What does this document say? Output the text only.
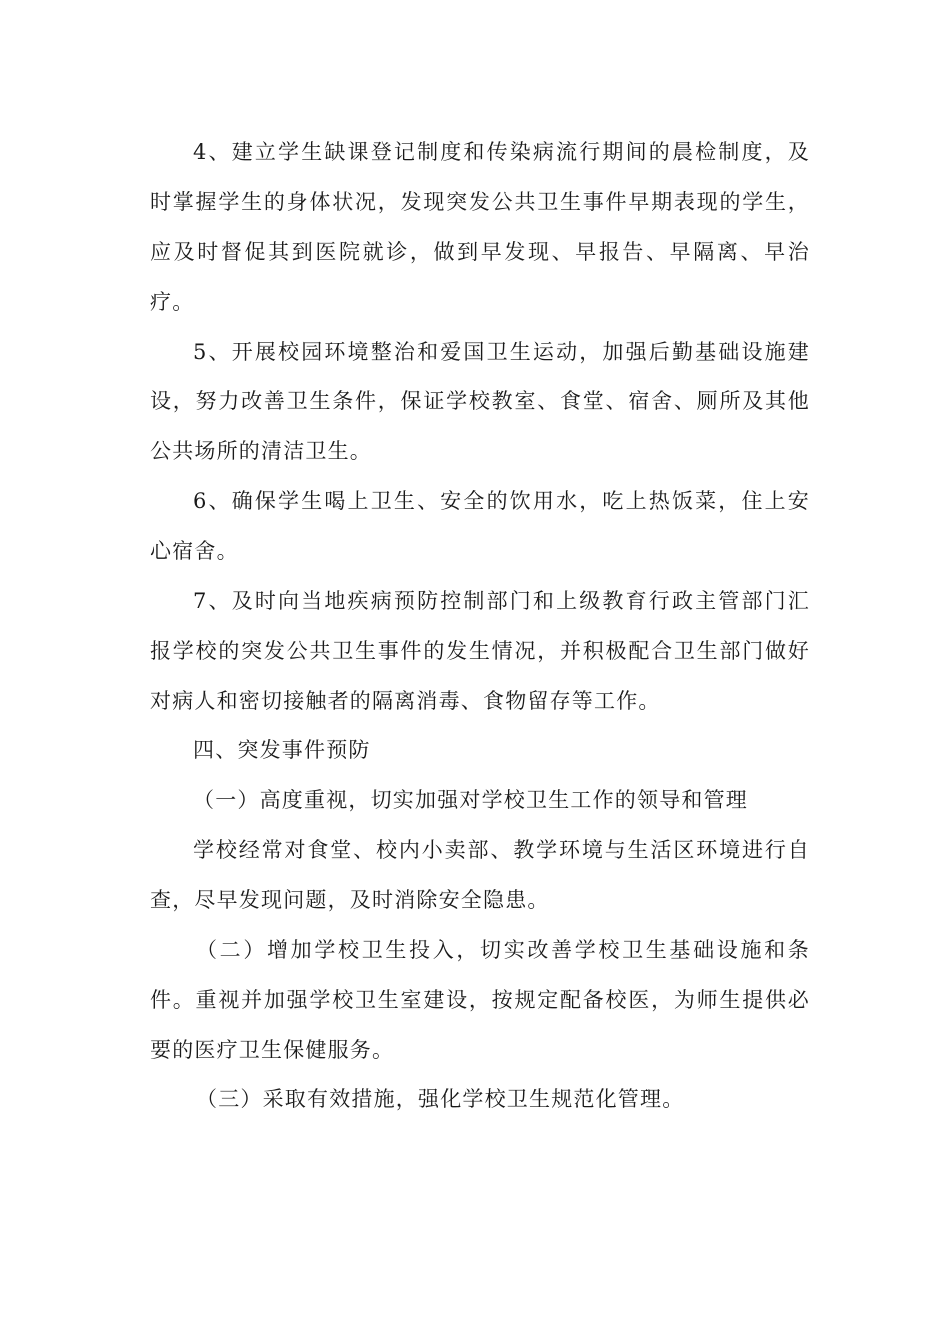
4、建立学生缺课登记制度和传染病流行期间的晨检制度，及
时掌握学生的身体状况，发现突发公共卫生事件早期表现的学生，
应及时督促其到医院就诊，做到早发现、早报告、早隔离、早治
疗。
5、开展校园环境整治和爱国卫生运动，加强后勤基础设施建
设，努力改善卫生条件，保证学校教室、食堂、宿舍、厕所及其他
公共场所的清洁卫生。
6、确保学生喝上卫生、安全的饮用水，吃上热饭菜，住上安
心宿舍。
7、及时向当地疾病预防控制部门和上级教育行政主管部门汇
报学校的突发公共卫生事件的发生情况，并积极配合卫生部门做好
对病人和密切接触者的隔离消毒、食物留存等工作。
四、突发事件预防
（一）高度重视，切实加强对学校卫生工作的领导和管理
学校经常对食堂、校内小卖部、教学环境与生活区环境进行自
查，尽早发现问题，及时消除安全隐患。
（二）增加学校卫生投入，切实改善学校卫生基础设施和条
件。重视并加强学校卫生室建设，按规定配备校医，为师生提供必
要的医疗卫生保健服务。
（三）采取有效措施，强化学校卫生规范化管理。
